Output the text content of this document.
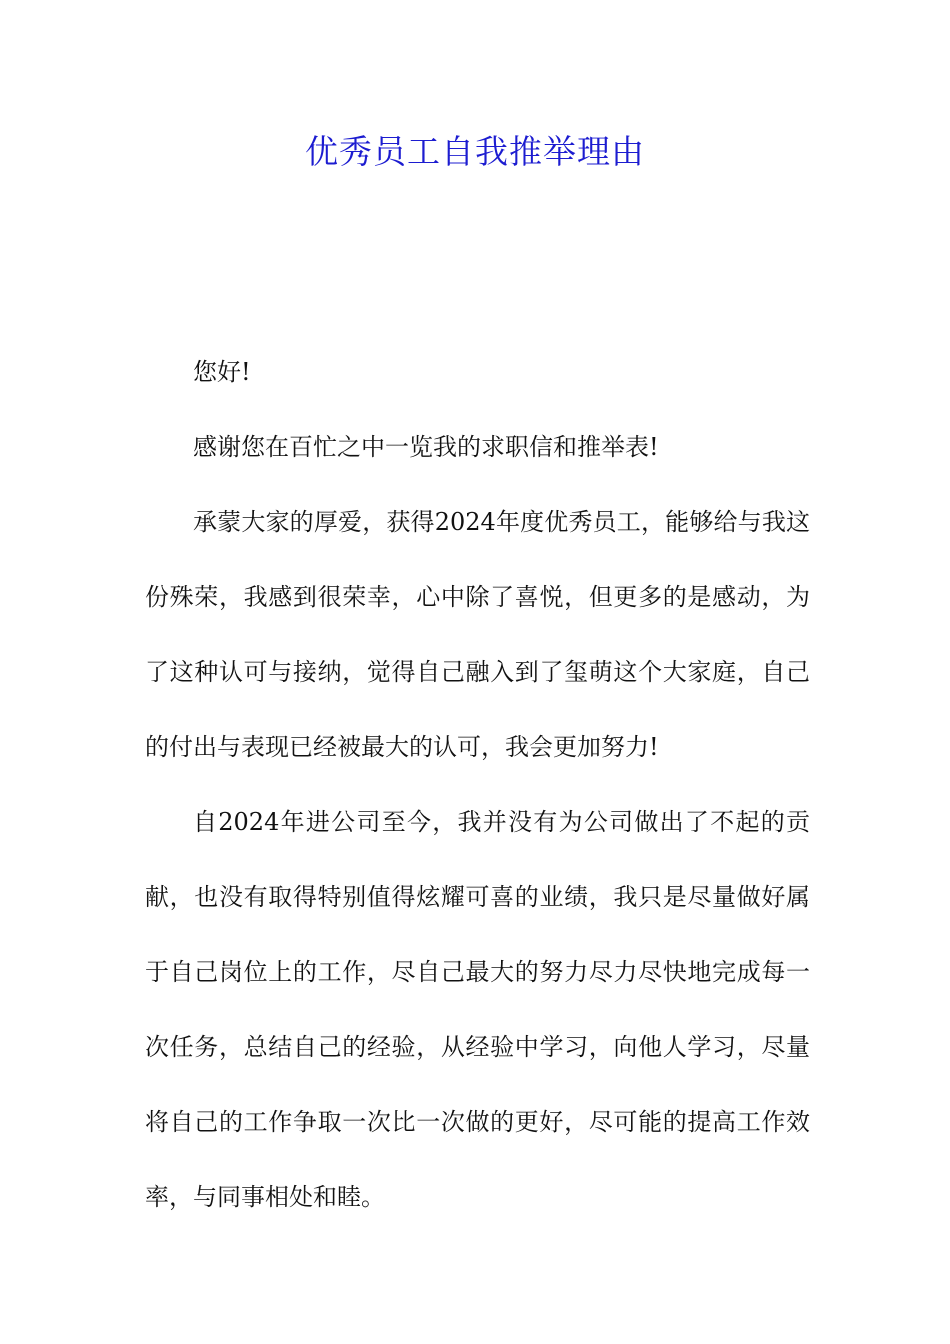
优秀员工自我推举理由

您好!

感谢您在百忙之中一览我的求职信和推举表!

承蒙大家的厚爱，获得2024年度优秀员工，能够给与我这份殊荣，我感到很荣幸，心中除了喜悦，但更多的是感动，为了这种认可与接纳，觉得自己融入到了玺萌这个大家庭，自己的付出与表现已经被最大的认可，我会更加努力!

自2024年进公司至今，我并没有为公司做出了不起的贡献，也没有取得特别值得炫耀可喜的业绩，我只是尽量做好属于自己岗位上的工作，尽自己最大的努力尽力尽快地完成每一次任务，总结自己的经验，从经验中学习，向他人学习，尽量将自己的工作争取一次比一次做的更好，尽可能的提高工作效率，与同事相处和睦。
